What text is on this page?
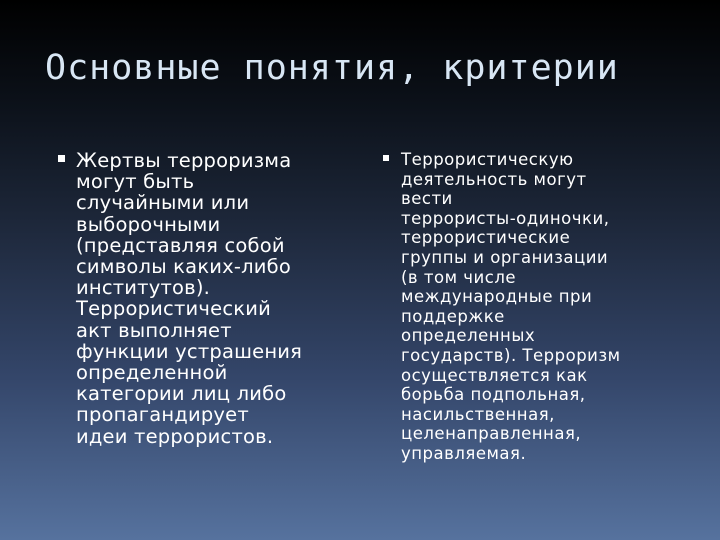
Основные понятия, критерии
Жертвы терроризма
могут быть
случайными или
выборочными
(представляя собой
символы каких-либо
институтов).
Террористический
акт выполняет
функции устрашения
определенной
категории лиц либо
пропагандирует
идеи террористов.
Террористическую
деятельность могут
вести
террористы-одиночки,
террористические
группы и организации
(в том числе
международные при
поддержке
определенных
государств). Терроризм
осуществляется как
борьба подпольная,
насильственная,
целенаправленная,
управляемая.
